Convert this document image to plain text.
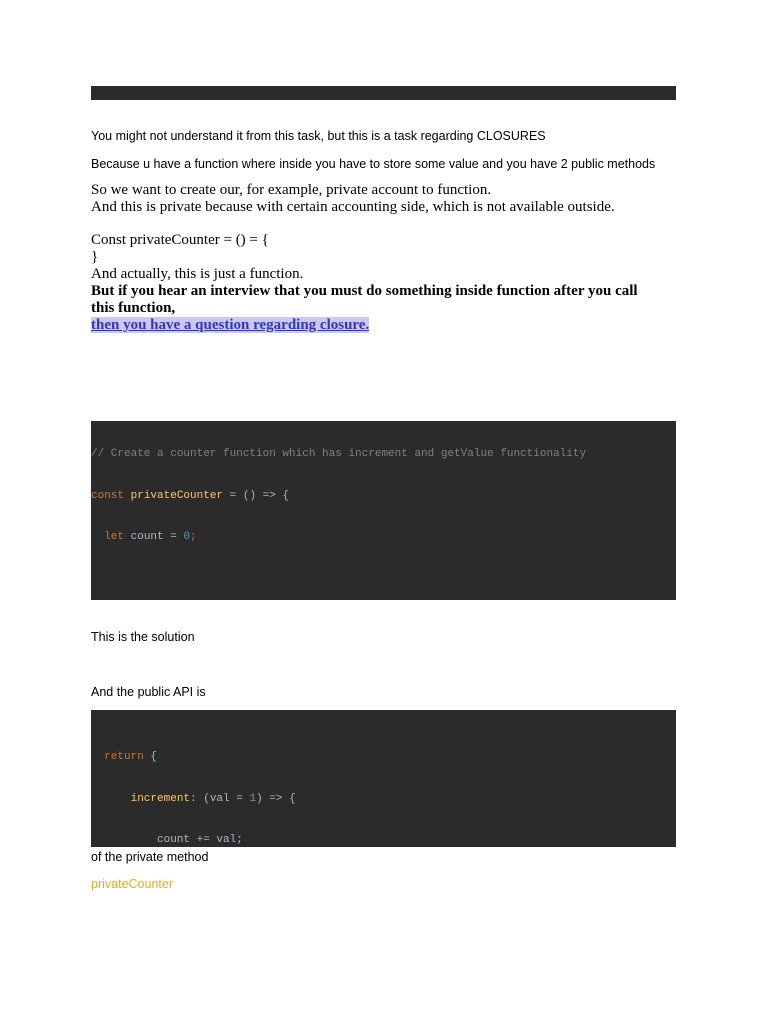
You might not understand it from this task, but this is a task regarding CLOSURES
Because u have a function where inside you have to store some value and you have 2 public methods
So we want to create our, for example, private account to function.
And this is private because with certain accounting side, which is not available outside.
Const privateCounter = () = {
}
And actually, this is just a function.
But if you hear an interview that you must do something inside function after you call
this function,
then you have a question regarding closure.

// Create a counter function which has increment and getValue functionality

const privateCounter = () => {

let count = 0;

This is the solution
And the public API is

return {

increment: (val = 1) => {

count += val;

of the private method
privateCounter
